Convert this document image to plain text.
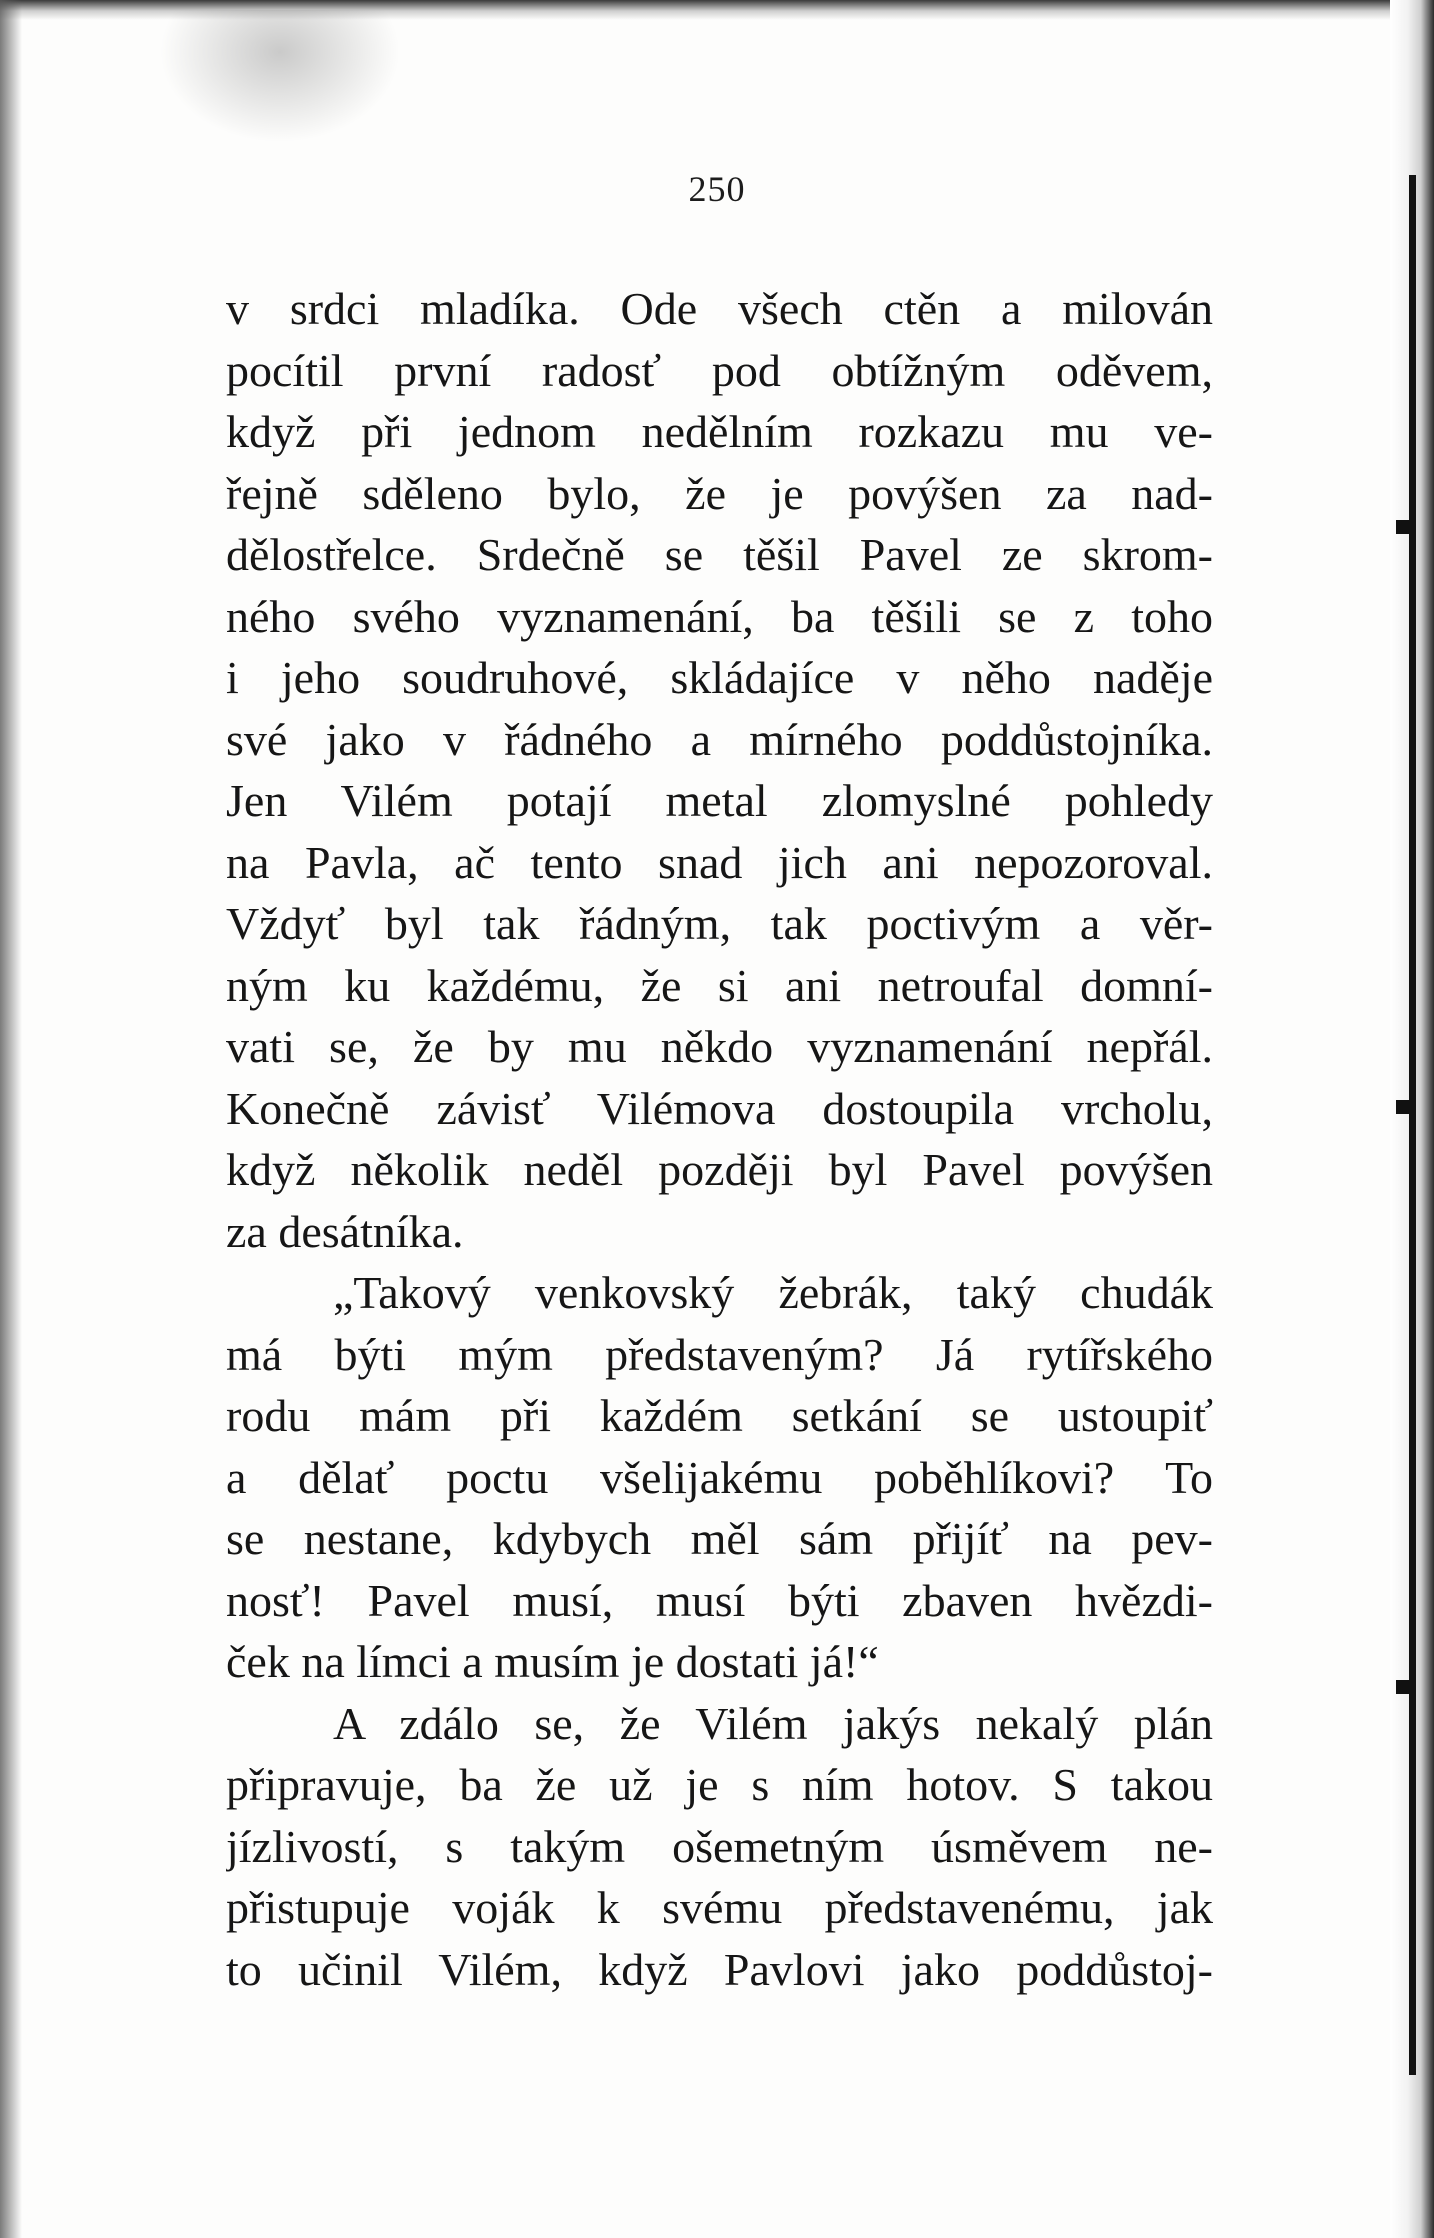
250
v srdci mladíka. Ode všech ctěn a milován
pocítil první radosť pod obtížným oděvem,
když při jednom nedělním rozkazu mu ve-
řejně sděleno bylo, že je povýšen za nad-
dělostřelce. Srdečně se těšil Pavel ze skrom-
ného svého vyznamenání, ba těšili se z toho
i jeho soudruhové, skládajíce v něho naděje
své jako v řádného a mírného poddůstojníka.
Jen Vilém potají metal zlomyslné pohledy
na Pavla, ač tento snad jich ani nepozoroval.
Vždyť byl tak řádným, tak poctivým a věr-
ným ku každému, že si ani netroufal domní-
vati se, že by mu někdo vyznamenání nepřál.
Konečně závisť Vilémova dostoupila vrcholu,
když několik neděl později byl Pavel povýšen
za desátníka.
„Takový venkovský žebrák, taký chudák
má býti mým představeným? Já rytířského
rodu mám při každém setkání se ustoupiť
a dělať poctu všelijakému poběhlíkovi? To
se nestane, kdybych měl sám přijíť na pev-
nosť! Pavel musí, musí býti zbaven hvězdi-
ček na límci a musím je dostati já!“
A zdálo se, že Vilém jakýs nekalý plán
připravuje, ba že už je s ním hotov. S takou
jízlivostí, s takým ošemetným úsměvem ne-
přistupuje voják k svému představenému, jak
to učinil Vilém, když Pavlovi jako poddůstoj-
